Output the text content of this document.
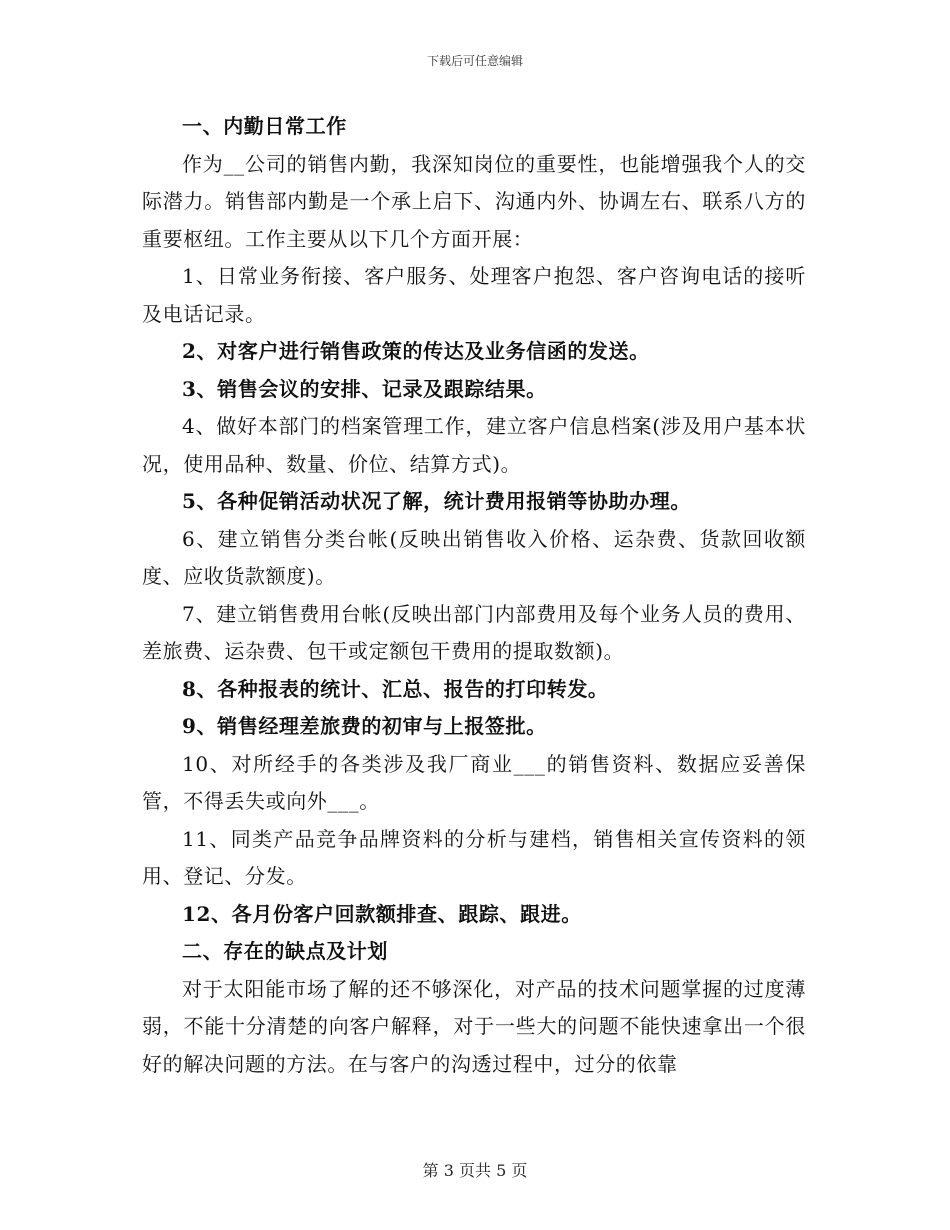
下载后可任意编辑

一、内勤日常工作

作为__公司的销售内勤，我深知岗位的重要性，也能增强我个人的交际潜力。销售部内勤是一个承上启下、沟通内外、协调左右、联系八方的重要枢纽。工作主要从以下几个方面开展：

1、日常业务衔接、客户服务、处理客户抱怨、客户咨询电话的接听及电话记录。

2、对客户进行销售政策的传达及业务信函的发送。

3、销售会议的安排、记录及跟踪结果。

4、做好本部门的档案管理工作，建立客户信息档案(涉及用户基本状况，使用品种、数量、价位、结算方式)。

5、各种促销活动状况了解，统计费用报销等协助办理。

6、建立销售分类台帐(反映出销售收入价格、运杂费、货款回收额度、应收货款额度)。

7、建立销售费用台帐(反映出部门内部费用及每个业务人员的费用、差旅费、运杂费、包干或定额包干费用的提取数额)。

8、各种报表的统计、汇总、报告的打印转发。

9、销售经理差旅费的初审与上报签批。

10、对所经手的各类涉及我厂商业___的销售资料、数据应妥善保管，不得丢失或向外___。

11、同类产品竞争品牌资料的分析与建档，销售相关宣传资料的领用、登记、分发。

12、各月份客户回款额排查、跟踪、跟进。

二、存在的缺点及计划

对于太阳能市场了解的还不够深化，对产品的技术问题掌握的过度薄弱，不能十分清楚的向客户解释，对于一些大的问题不能快速拿出一个很好的解决问题的方法。在与客户的沟透过程中，过分的依靠

第 3 页共 5 页
